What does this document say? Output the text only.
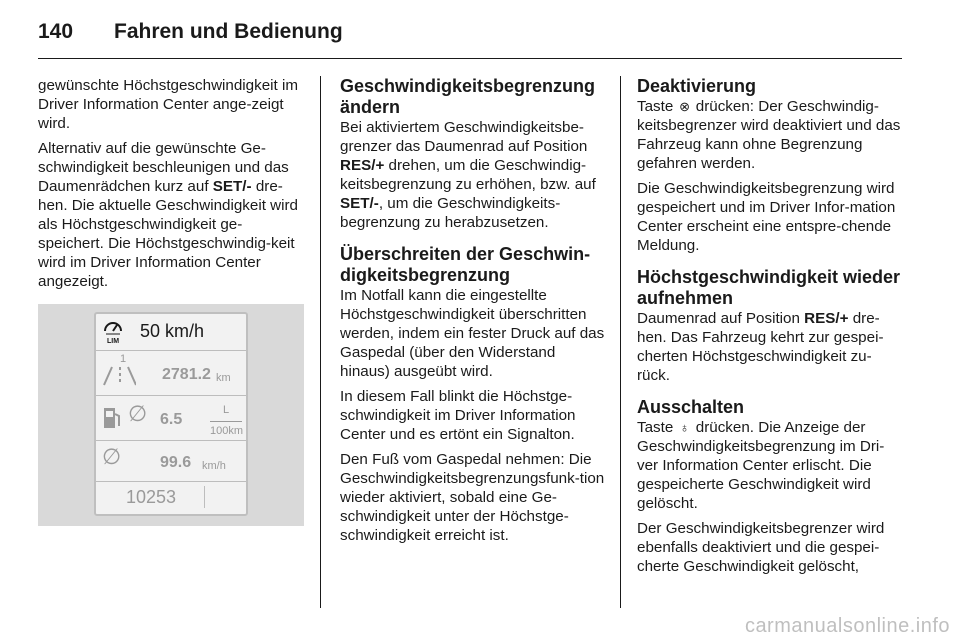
140 Fahren und Bedienung

gewünschte Höchstgeschwindigkeit im Driver Information Center ange-zeigt wird.

Alternativ auf die gewünschte Ge-schwindigkeit beschleunigen und das Daumenrädchen kurz auf SET/- dre-hen. Die aktuelle Geschwindigkeit wird als Höchstgeschwindigkeit ge-speichert. Die Höchstgeschwindig-keit wird im Driver Information Center angezeigt.

LIM
50 km/h
1
2781.2 km
∅ 6.5	$\frac{L}{100km}$
∅ 99.6 km/h
10253
Geschwindigkeitsbegrenzung ändern

Bei aktiviertem Geschwindigkeitsbe-grenzer das Daumenrad auf Position RES/+ drehen, um die Geschwindig-keitsbegrenzung zu erhöhen, bzw. auf SET/-, um die Geschwindigkeits-begrenzung zu herabzusetzen.

Überschreiten der Geschwin-digkeitsbegrenzung

Im Notfall kann die eingestellte Höchstgeschwindigkeit überschritten werden, indem ein fester Druck auf das Gaspedal (über den Widerstand hinaus) ausgeübt wird.

In diesem Fall blinkt die Höchstge-schwindigkeit im Driver Information Center und es ertönt ein Signalton.

Den Fuß vom Gaspedal nehmen: Die Geschwindigkeitsbegrenzungsfunk-tion wieder aktiviert, sobald eine Ge-schwindigkeit unter der Höchstge-schwindigkeit erreicht ist.

Deaktivierung

Taste ⊗ drücken: Der Geschwindig-keitsbegrenzer wird deaktiviert und das Fahrzeug kann ohne Begrenzung gefahren werden.

Die Geschwindigkeitsbegrenzung wird gespeichert und im Driver Infor-mation Center erscheint eine entspre-chende Meldung.

Höchstgeschwindigkeit wieder aufnehmen

Daumenrad auf Position RES/+ dre-hen. Das Fahrzeug kehrt zur gespei-cherten Höchstgeschwindigkeit zu-rück.

Ausschalten

Taste ♁ drücken. Die Anzeige der Geschwindigkeitsbegrenzung im Dri-ver Information Center erlischt. Die gespeicherte Geschwindigkeit wird gelöscht.

Der Geschwindigkeitsbegrenzer wird ebenfalls deaktiviert und die gespei-cherte Geschwindigkeit gelöscht,

carmanualsonline.info
